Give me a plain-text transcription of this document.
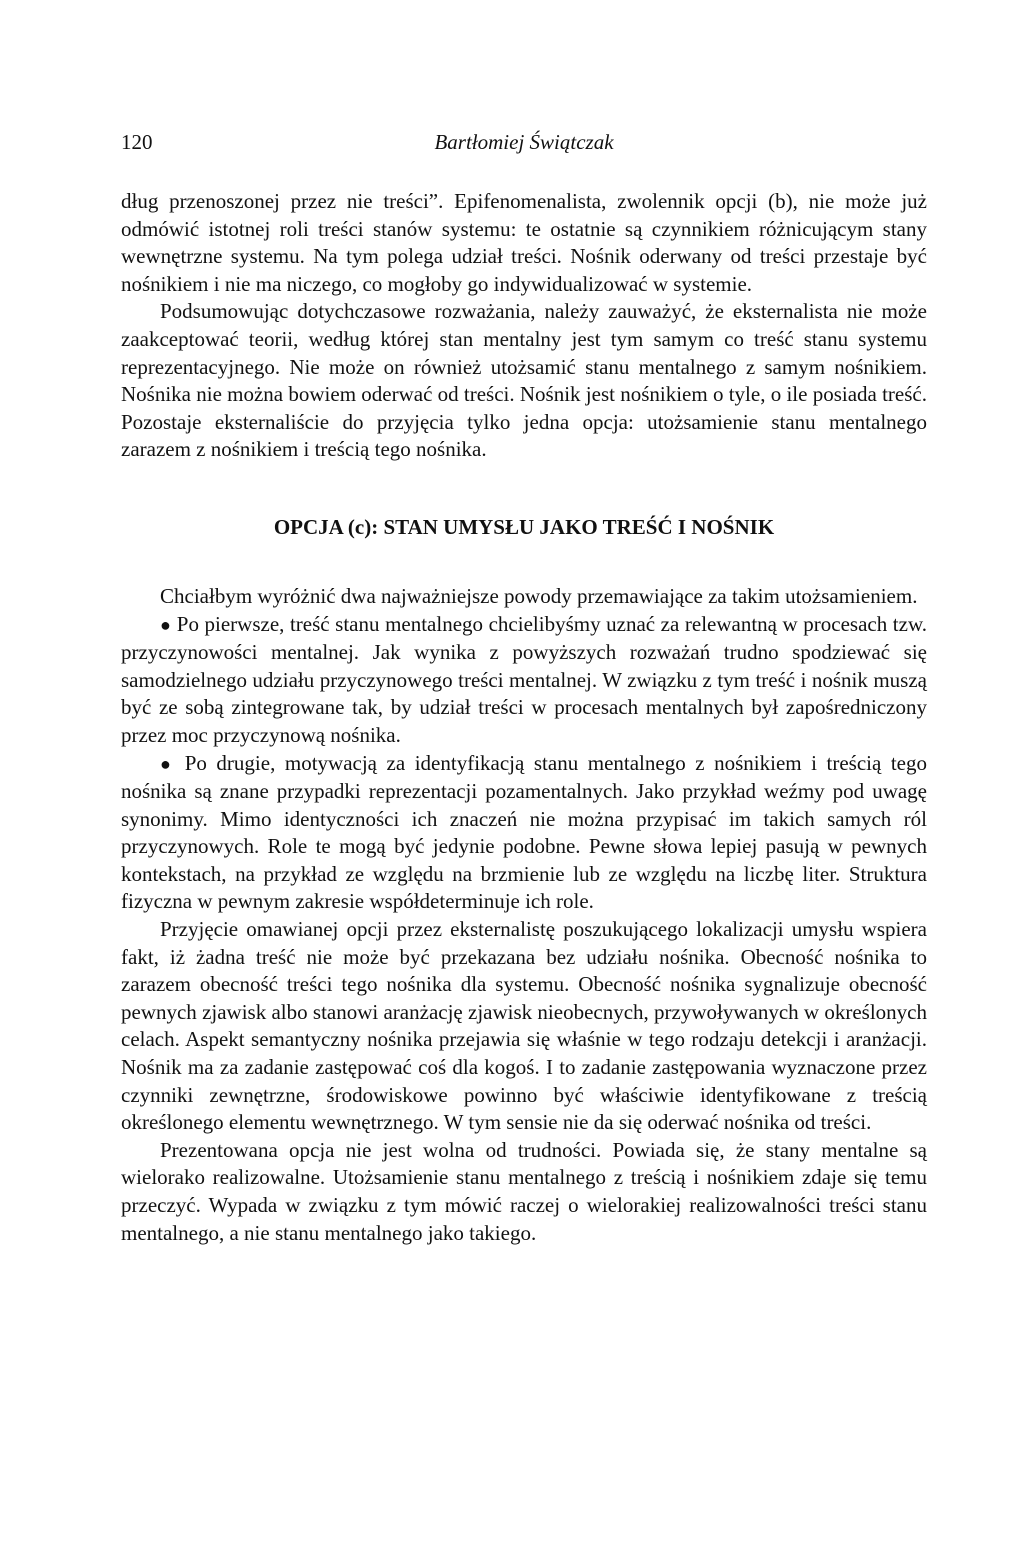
120	Bartłomiej Świątczak

dług przenoszonej przez nie treści”. Epifenomenalista, zwolennik opcji (b), nie może już odmówić istotnej roli treści stanów systemu: te ostatnie są czynnikiem różnicującym stany wewnętrzne systemu. Na tym polega udział treści. Nośnik oderwany od treści przestaje być nośnikiem i nie ma niczego, co mogłoby go indywidualizować w systemie.

Podsumowując dotychczasowe rozważania, należy zauważyć, że eksternalista nie może zaakceptować teorii, według której stan mentalny jest tym samym co treść stanu systemu reprezentacyjnego. Nie może on również utożsamić stanu mentalnego z samym nośnikiem. Nośnika nie można bowiem oderwać od treści. Nośnik jest nośnikiem o tyle, o ile posiada treść. Pozostaje eksternaliście do przyjęcia tylko jedna opcja: utożsamienie stanu mentalnego zarazem z nośnikiem i treścią tego nośnika.

OPCJA (c): STAN UMYSŁU JAKO TREŚĆ I NOŚNIK

Chciałbym wyróżnić dwa najważniejsze powody przemawiające za takim utożsamieniem.

● Po pierwsze, treść stanu mentalnego chcielibyśmy uznać za relewantną w procesach tzw. przyczynowości mentalnej. Jak wynika z powyższych rozważań trudno spodziewać się samodzielnego udziału przyczynowego treści mentalnej. W związku z tym treść i nośnik muszą być ze sobą zintegrowane tak, by udział treści w procesach mentalnych był zapośredniczony przez moc przyczynową nośnika.

● Po drugie, motywacją za identyfikacją stanu mentalnego z nośnikiem i treścią tego nośnika są znane przypadki reprezentacji pozamentalnych. Jako przykład weźmy pod uwagę synonimy. Mimo identyczności ich znaczeń nie można przypisać im takich samych ról przyczynowych. Role te mogą być jedynie podobne. Pewne słowa lepiej pasują w pewnych kontekstach, na przykład ze względu na brzmienie lub ze względu na liczbę liter. Struktura fizyczna w pewnym zakresie współdeterminuje ich role.

Przyjęcie omawianej opcji przez eksternalistę poszukującego lokalizacji umysłu wspiera fakt, iż żadna treść nie może być przekazana bez udziału nośnika. Obecność nośnika to zarazem obecność treści tego nośnika dla systemu. Obecność nośnika sygnalizuje obecność pewnych zjawisk albo stanowi aranżację zjawisk nieobecnych, przywoływanych w określonych celach. Aspekt semantyczny nośnika przejawia się właśnie w tego rodzaju detekcji i aranżacji. Nośnik ma za zadanie zastępować coś dla kogoś. I to zadanie zastępowania wyznaczone przez czynniki zewnętrzne, środowiskowe powinno być właściwie identyfikowane z treścią określonego elementu wewnętrznego. W tym sensie nie da się oderwać nośnika od treści.

Prezentowana opcja nie jest wolna od trudności. Powiada się, że stany mentalne są wielorako realizowalne. Utożsamienie stanu mentalnego z treścią i nośnikiem zdaje się temu przeczyć. Wypada w związku z tym mówić raczej o wielorakiej realizowalności treści stanu mentalnego, a nie stanu mentalnego jako takiego.
